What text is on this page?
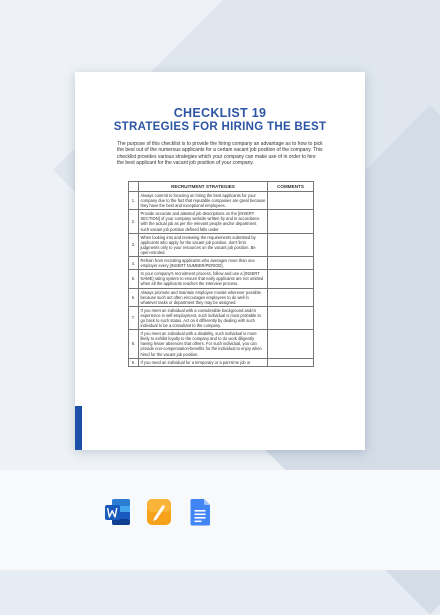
CHECKLIST 19
STRATEGIES FOR HIRING THE BEST
The purpose of this checklist is to provide the hiring company an advantage as to how to pick the best out of the numerous applicants for a certain vacant job position of the company. This checklist provides various strategies which your company can make use of in order to hire the best applicant for the vacant job position of your company.
	RECRUITMENT STRATEGIES	COMMENTS
1.	Always commit to focusing on hiring the best applicants for your company due to the fact that reputable companies are great because they have the best and exceptional employees.	
2.	Provide accurate and attested job descriptions on the [INSERT SECTION] of your company website written by and in accordance with the actual job as per the relevant people and/or department such vacant job position defined falls under.	
3.	When looking into and reviewing the requirements submitted by applicants who apply for the vacant job position, don't limit judgments only to your resources on the vacant job position. Be open-minded.	
4.	Refrain from recruiting applicants who averages more than one employer every [INSERT NUMBER/PERIOD].	
5.	In your company's recruitment process, follow and use a [INSERT NAME] rating system to ensure that early applicants are not omitted when all the applicants reaches the interview process.	
6.	Always promote and maintain employee morale wherever possible because such act often encourages employees to do well in whatever tasks or department they may be assigned.	
7.	If you meet an individual with a considerable background and/or experience in self-employment, such individual is most probable to go back to such status. Act on it differently by dealing with such individual to be a consultant to the company.	
8.	If you meet an individual with a disability, such individual is more likely to exhibit loyalty to the company and to do work diligently having lesser absences that others. For such individual, you can provide non-compensation-benefits for the individual to enjoy when hired for the vacant job position.	
9.	If you need an individual for a temporary or a part-time job or	
